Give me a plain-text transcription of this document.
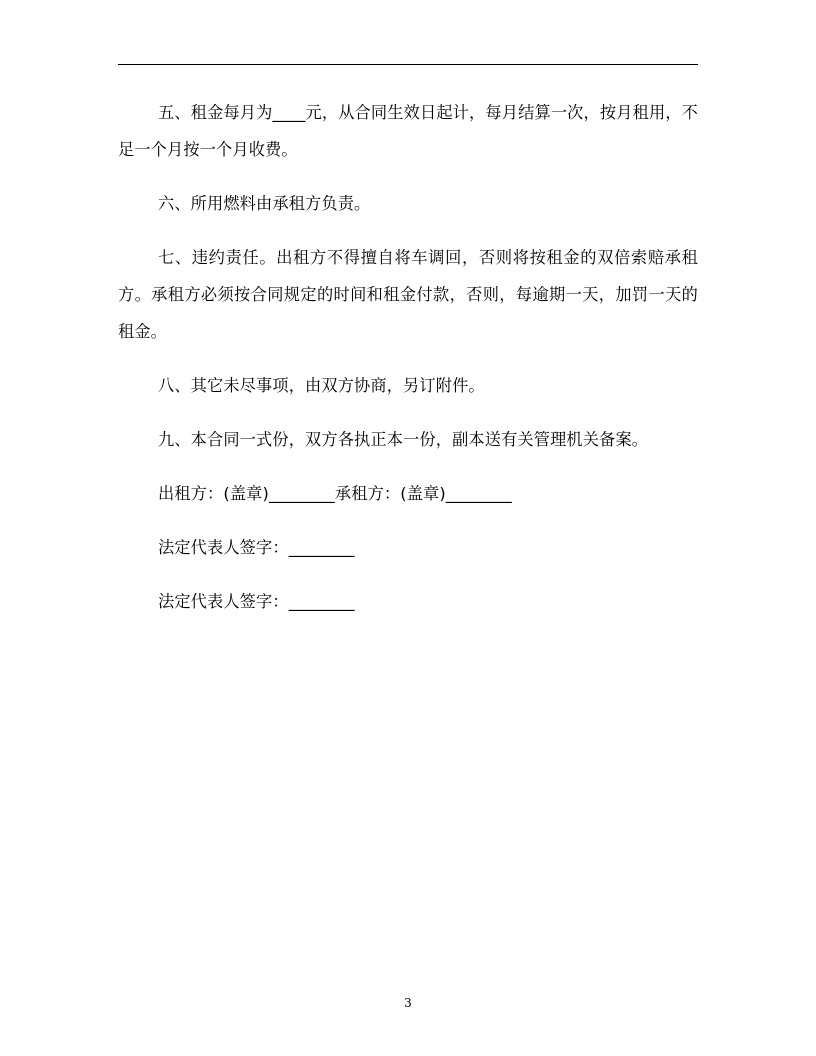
五、租金每月为____元，从合同生效日起计，每月结算一次，按月租用，不足一个月按一个月收费。

六、所用燃料由承租方负责。

七、违约责任。出租方不得擅自将车调回，否则将按租金的双倍索赔承租方。承租方必须按合同规定的时间和租金付款，否则，每逾期一天，加罚一天的租金。

八、其它未尽事项，由双方协商，另订附件。

九、本合同一式份，双方各执正本一份，副本送有关管理机关备案。

出租方：(盖章)________承租方：(盖章)________

法定代表人签字：________

法定代表人签字：________

3
